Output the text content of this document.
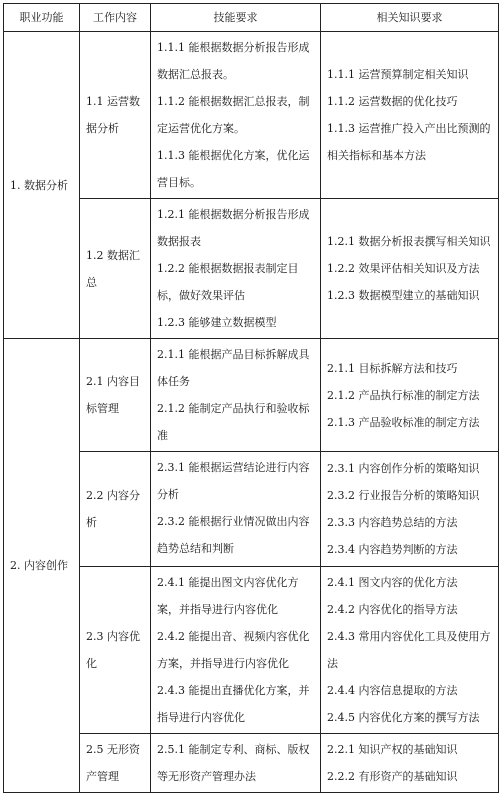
职业功能	工作内容	技能要求	相关知识要求
1. 数据分析	1.1 运营数据分析	1.1.1 能根据数据分析报告形成数据汇总报表。
1.1.2 能根据数据汇总报表，制定运营优化方案。
1.1.3 能根据优化方案，优化运营目标。	1.1.1 运营预算制定相关知识
1.1.2 运营数据的优化技巧
1.1.3 运营推广投入产出比预测的相关指标和基本方法

	1.2 数据汇总	1.2.1 能根据数据分析报告形成数据报表
1.2.2 能根据数据报表制定目标，做好效果评估
1.2.3 能够建立数据模型	1.2.1 数据分析报表撰写相关知识
1.2.2 效果评估相关知识及方法
1.2.3 数据模型建立的基础知识

2. 内容创作	2.1 内容目标管理	2.1.1 能根据产品目标拆解成具体任务
2.1.2 能制定产品执行和验收标准	2.1.1 目标拆解方法和技巧
2.1.2 产品执行标准的制定方法
2.1.3 产品验收标准的制定方法

	2.2 内容分析	2.3.1 能根据运营结论进行内容分析
2.3.2 能根据行业情况做出内容趋势总结和判断	2.3.1 内容创作分析的策略知识
2.3.2 行业报告分析的策略知识
2.3.3 内容趋势总结的方法
2.3.4 内容趋势判断的方法

	2.3 内容优化	2.4.1 能提出图文内容优化方案，并指导进行内容优化
2.4.2 能提出音、视频内容优化方案，并指导进行内容优化
2.4.3 能提出直播优化方案，并指导进行内容优化	2.4.1 图文内容的优化方法
2.4.2 内容优化的指导方法
2.4.3 常用内容优化工具及使用方法
2.4.4 内容信息提取的方法
2.4.5 内容优化方案的撰写方法

	2.5 无形资产管理	2.5.1 能制定专利、商标、版权等无形资产管理办法	2.2.1 知识产权的基础知识
2.2.2 有形资产的基础知识
